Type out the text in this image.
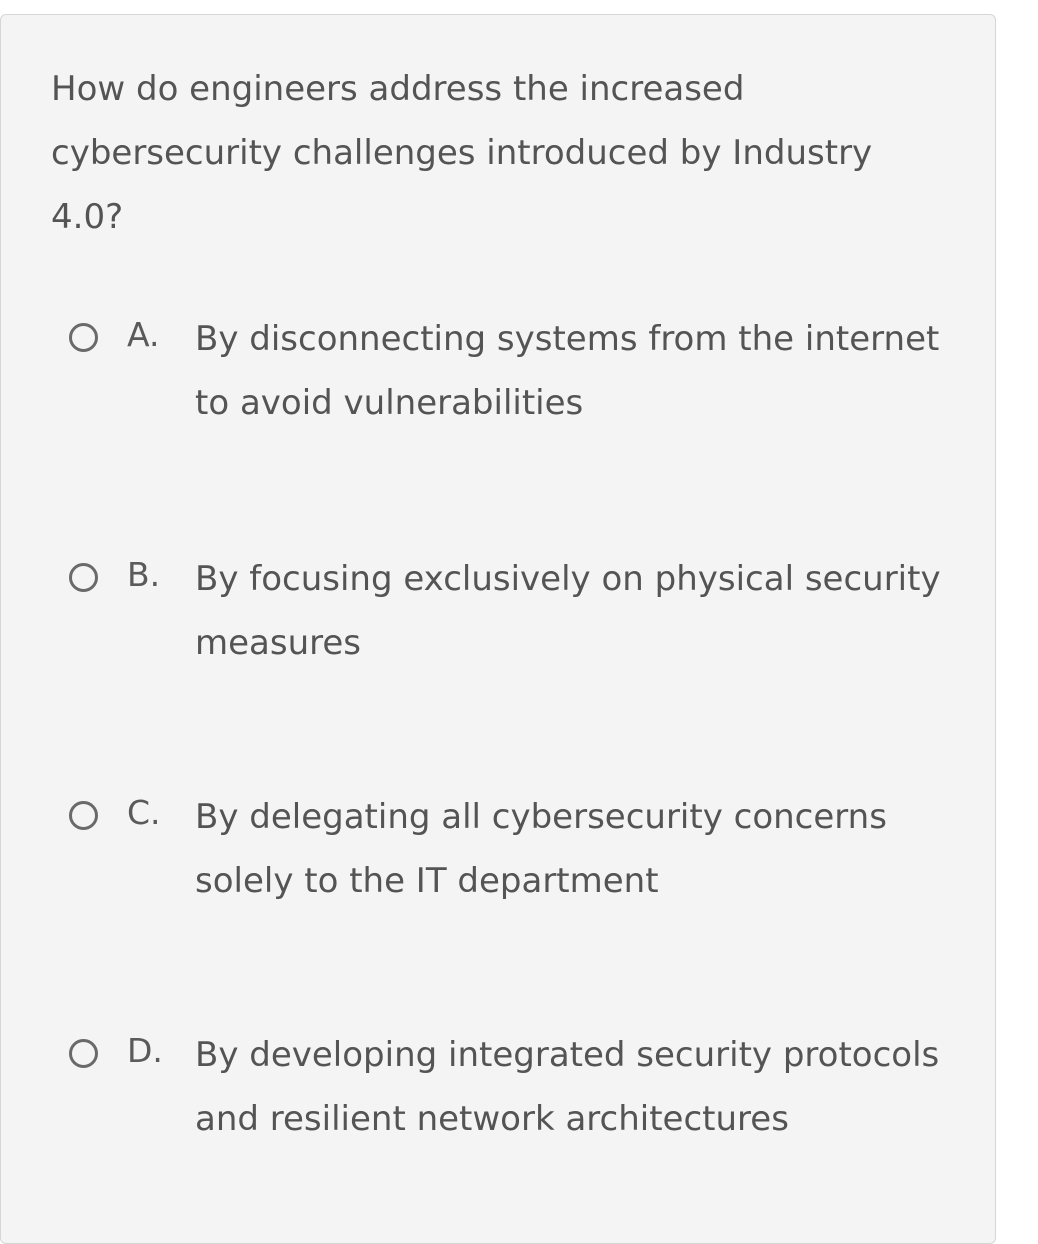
How do engineers address the increased cybersecurity challenges introduced by Industry 4.0?

A. By disconnecting systems from the internet to avoid vulnerabilities
B. By focusing exclusively on physical security measures
C. By delegating all cybersecurity concerns solely to the IT department
D. By developing integrated security protocols and resilient network architectures
